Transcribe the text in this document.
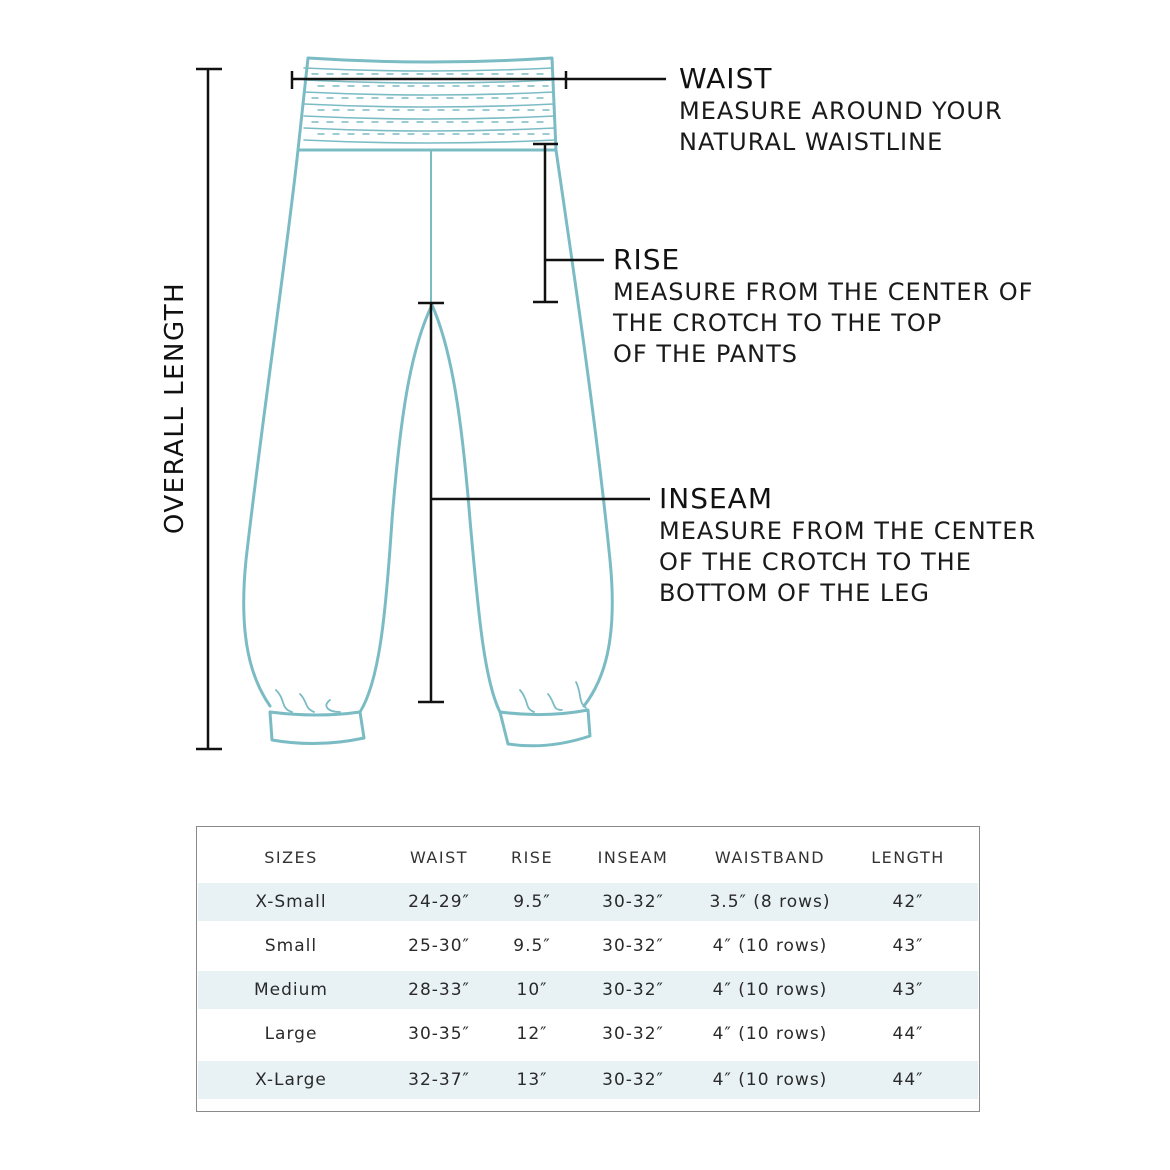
OVERALL LENGTH
WAIST
MEASURE AROUND YOUR
NATURAL WAISTLINE
RISE
MEASURE FROM THE CENTER OF
THE CROTCH TO THE TOP
OF THE PANTS
INSEAM
MEASURE FROM THE CENTER
OF THE CROTCH TO THE
BOTTOM OF THE LEG
SIZES	WAIST	RISE	INSEAM	WAISTBAND	LENGTH
X-Small	24-29″	9.5″	30-32″	3.5″ (8 rows)	42″
Small	25-30″	9.5″	30-32″	4″ (10 rows)	43″
Medium	28-33″	10″	30-32″	4″ (10 rows)	43″
Large	30-35″	12″	30-32″	4″ (10 rows)	44″
X-Large	32-37″	13″	30-32″	4″ (10 rows)	44″
